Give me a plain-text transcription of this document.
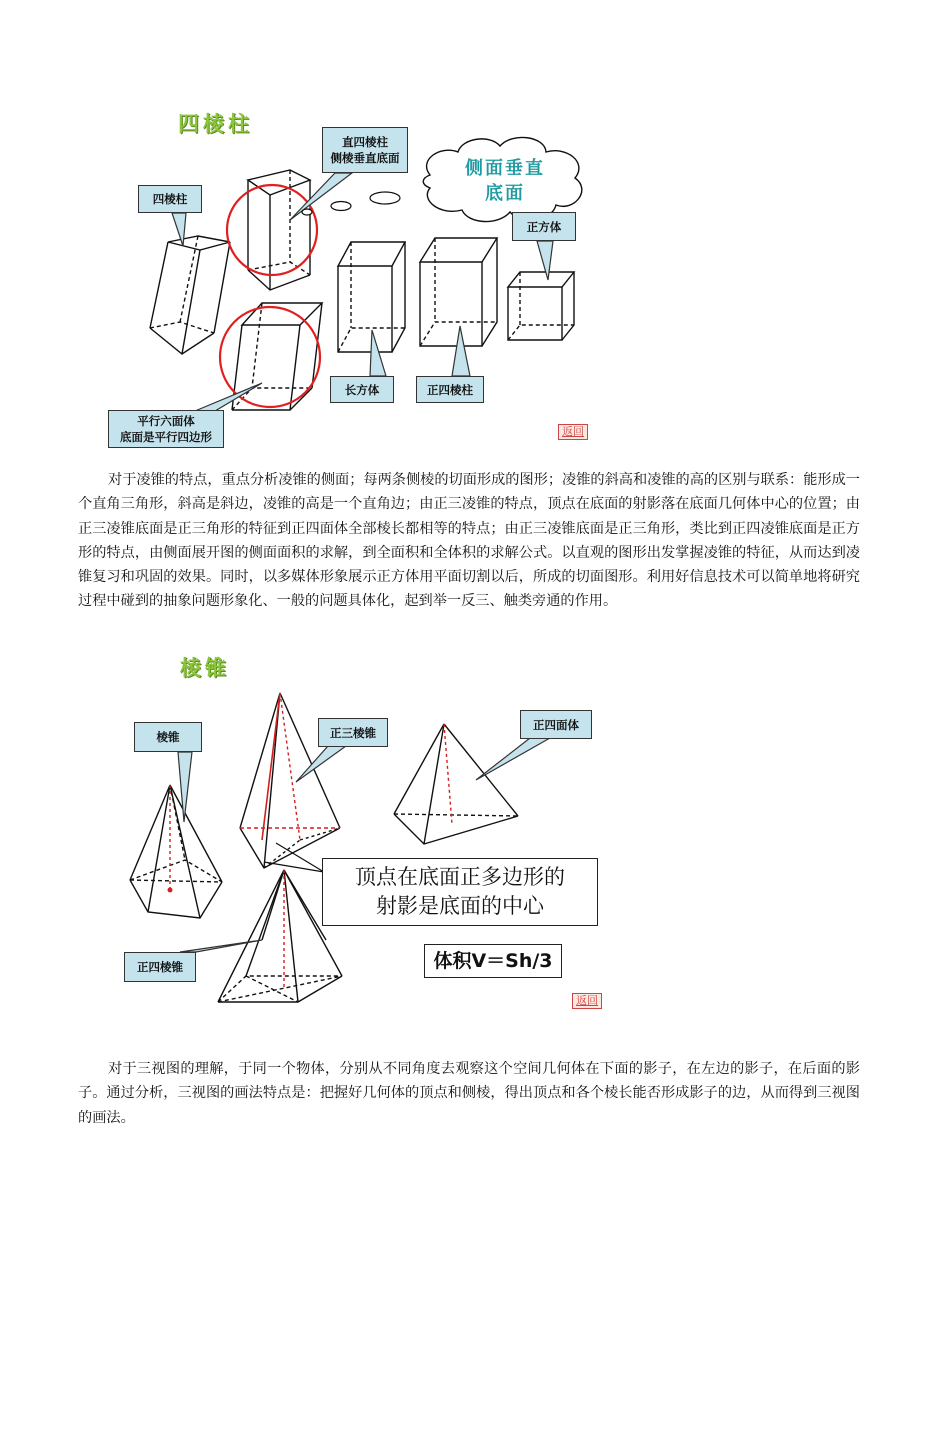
四棱柱
四棱柱
直四棱柱
侧棱垂直底面	侧面垂直
底面
正方体
长方体	正四棱柱
平行六面体
底面是平行四边形	返回
对于凌锥的特点，重点分析凌锥的侧面；每两条侧棱的切面形成的图形；凌锥的斜高和凌锥的高的区别与联系：能形成一个直角三角形，斜高是斜边，凌锥的高是一个直角边；由正三凌锥的特点，顶点在底面的射影落在底面几何体中心的位置；由正三凌锥底面是正三角形的特征到正四面体全部棱长都相等的特点；由正三凌锥底面是正三角形，类比到正四凌锥底面是正方形的特点，由侧面展开图的侧面面积的求解，到全面积和全体积的求解公式。以直观的图形出发掌握凌锥的特征，从而达到凌锥复习和巩固的效果。同时，以多媒体形象展示正方体用平面切割以后，所成的切面图形。利用好信息技术可以简单地将研究过程中碰到的抽象问题形象化、一般的问题具体化，起到举一反三、触类旁通的作用。
棱锥
棱锥	正三棱锥
正四面体
正四棱锥
顶点在底面正多边形的
射影是底面的中心
体积V＝Sh/3
返回
对于三视图的理解，于同一个物体，分别从不同角度去观察这个空间几何体在下面的影子，在左边的影子，在后面的影子。通过分析，三视图的画法特点是：把握好几何体的顶点和侧棱，得出顶点和各个棱长能否形成影子的边，从而得到三视图的画法。
